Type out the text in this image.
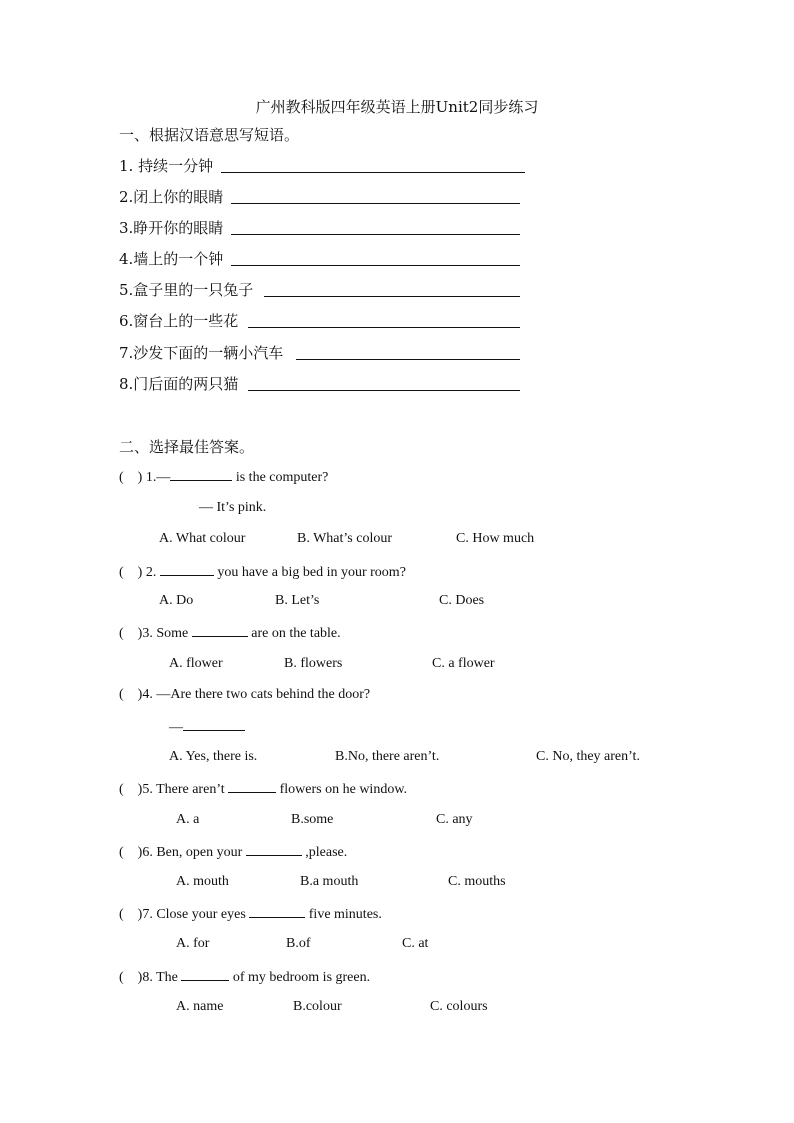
广州教科版四年级英语上册Unit2同步练习
一、根据汉语意思写短语。
1. 持续一分钟
2.闭上你的眼睛
3.睁开你的眼睛
4.墙上的一个钟
5.盒子里的一只兔子
6.窗台上的一些花
7.沙发下面的一辆小汽车
8.门后面的两只猫
二、选择最佳答案。
(    ) 1.—	is the computer?
— It’s pink.
A. What colour	B. What’s colour	C. How much
(    ) 2.	you have a big bed in your room?
A. Do	B. Let’s	C. Does
(    )3. Some	are on the table.
A. flower	B. flowers	C. a flower
(    )4. —Are there two cats behind the door?
—
A. Yes, there is.	B.No, there aren’t.	C. No, they aren’t.
(    )5. There aren’t	flowers on he window.
A. a	B.some	C. any
(    )6. Ben, open your	,please.
A. mouth	B.a mouth	C. mouths
(    )7. Close your eyes	five minutes.
A. for	B.of	C. at
(    )8. The	of my bedroom is green.
A. name	B.colour	C. colours
